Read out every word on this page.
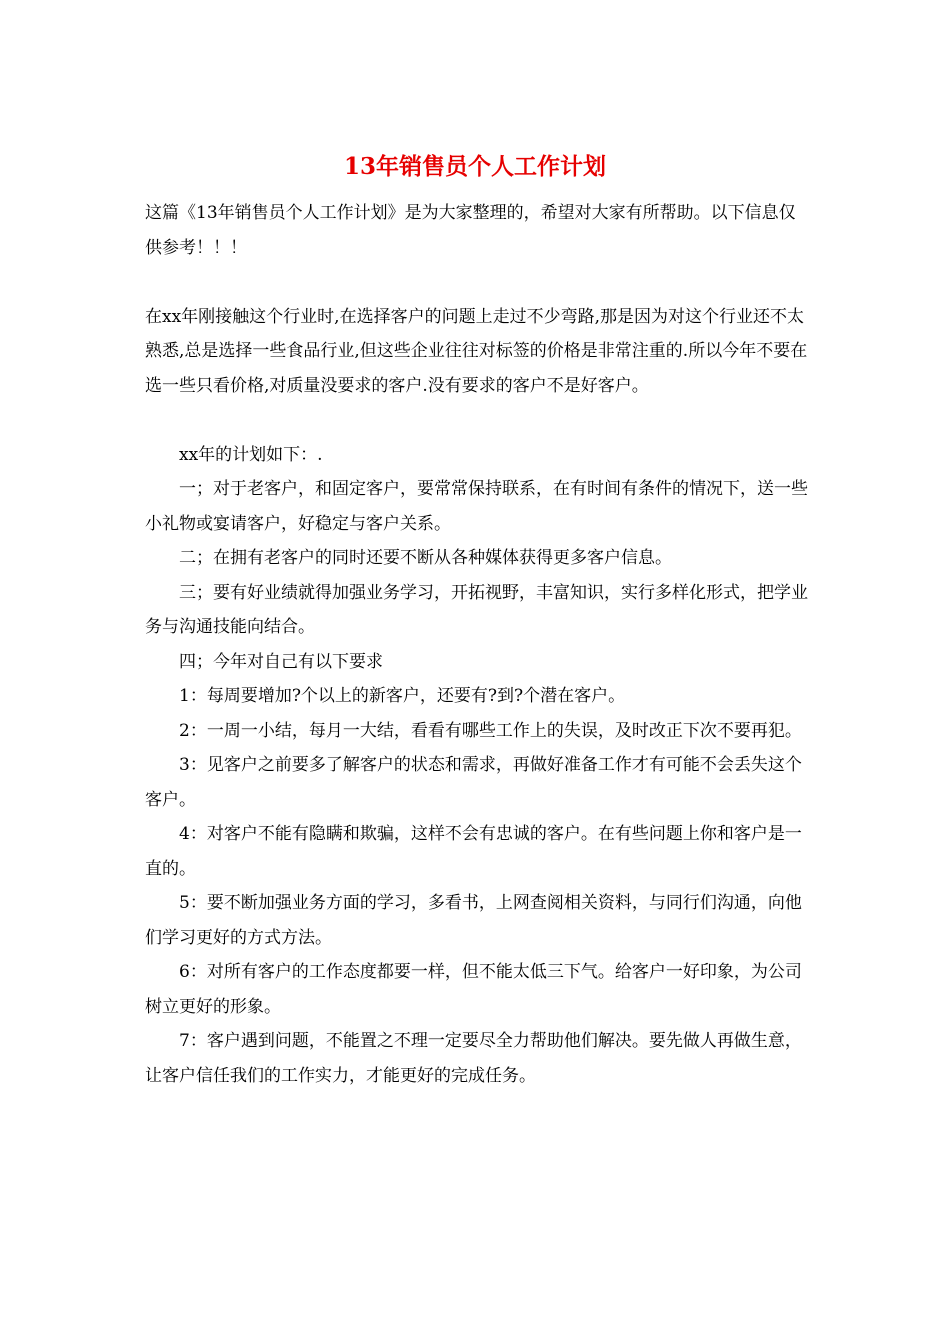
13年销售员个人工作计划

这篇《13年销售员个人工作计划》是为大家整理的，希望对大家有所帮助。以下信息仅供参考！！！

在xx年刚接触这个行业时,在选择客户的问题上走过不少弯路,那是因为对这个行业还不太熟悉,总是选择一些食品行业,但这些企业往往对标签的价格是非常注重的.所以今年不要在选一些只看价格,对质量没要求的客户.没有要求的客户不是好客户。

xx年的计划如下：.

一；对于老客户，和固定客户，要常常保持联系，在有时间有条件的情况下，送一些小礼物或宴请客户，好稳定与客户关系。

二；在拥有老客户的同时还要不断从各种媒体获得更多客户信息。

三；要有好业绩就得加强业务学习，开拓视野，丰富知识，实行多样化形式，把学业务与沟通技能向结合。

四；今年对自己有以下要求

1：每周要增加?个以上的新客户，还要有?到?个潜在客户。

2：一周一小结，每月一大结，看看有哪些工作上的失误，及时改正下次不要再犯。

3：见客户之前要多了解客户的状态和需求，再做好准备工作才有可能不会丢失这个客户。

4：对客户不能有隐瞒和欺骗，这样不会有忠诚的客户。在有些问题上你和客户是一直的。

5：要不断加强业务方面的学习，多看书，上网查阅相关资料，与同行们沟通，向他们学习更好的方式方法。

6：对所有客户的工作态度都要一样，但不能太低三下气。给客户一好印象，为公司树立更好的形象。

7：客户遇到问题，不能置之不理一定要尽全力帮助他们解决。要先做人再做生意，让客户信任我们的工作实力，才能更好的完成任务。
